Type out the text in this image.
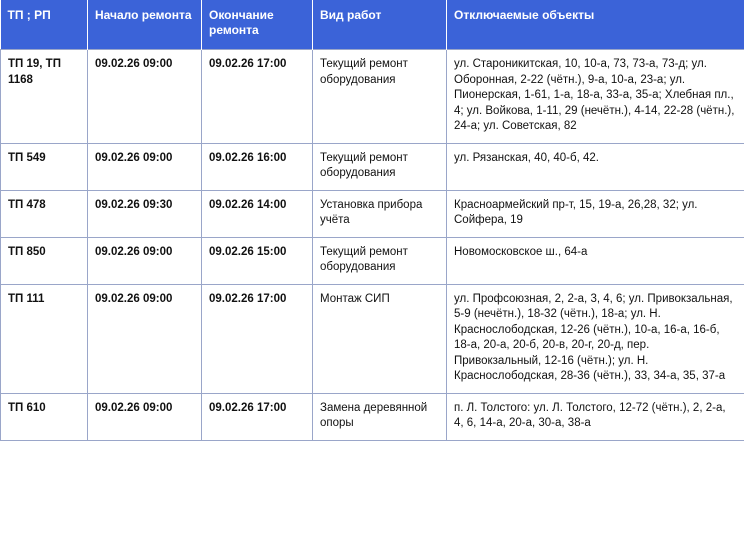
ТП ; РП	Начало ремонта	Окончание ремонта	Вид работ	Отключаемые объекты
ТП 19, ТП 1168	09.02.26 09:00	09.02.26 17:00	Текущий ремонт оборудования	ул. Староникитская, 10, 10-а, 73, 73-а, 73-д; ул. Оборонная, 2-22 (чётн.), 9-а, 10-а, 23-а; ул. Пионерская, 1-61, 1-а, 18-а, 33-а, 35-а; Хлебная пл., 4; ул. Войкова, 1-11, 29 (нечётн.), 4-14, 22-28 (чётн.), 24-а; ул. Советская, 82
ТП 549	09.02.26 09:00	09.02.26 16:00	Текущий ремонт оборудования	ул. Рязанская, 40, 40-б, 42.
ТП 478	09.02.26 09:30	09.02.26 14:00	Установка прибора учёта	Красноармейский пр-т, 15, 19-а, 26,28, 32; ул. Сойфера, 19
ТП 850	09.02.26 09:00	09.02.26 15:00	Текущий ремонт оборудования	Новомосковское ш., 64-а
ТП 111	09.02.26 09:00	09.02.26 17:00	Монтаж СИП	ул. Профсоюзная, 2, 2-а, 3, 4, 6; ул. Привокзальная, 5-9 (нечётн.), 18-32 (чётн.), 18-а; ул. Н. Краснослободская, 12-26 (чётн.), 10-а, 16-а, 16-б, 18-а, 20-а, 20-б, 20-в, 20-г, 20-д, пер. Привокзальный, 12-16 (чётн.); ул. Н. Краснослободская, 28-36 (чётн.), 33, 34-а, 35, 37-а
ТП 610	09.02.26 09:00	09.02.26 17:00	Замена деревянной опоры	п. Л. Толстого: ул. Л. Толстого, 12-72 (чётн.), 2, 2-а, 4, 6, 14-а, 20-а, 30-а, 38-а
